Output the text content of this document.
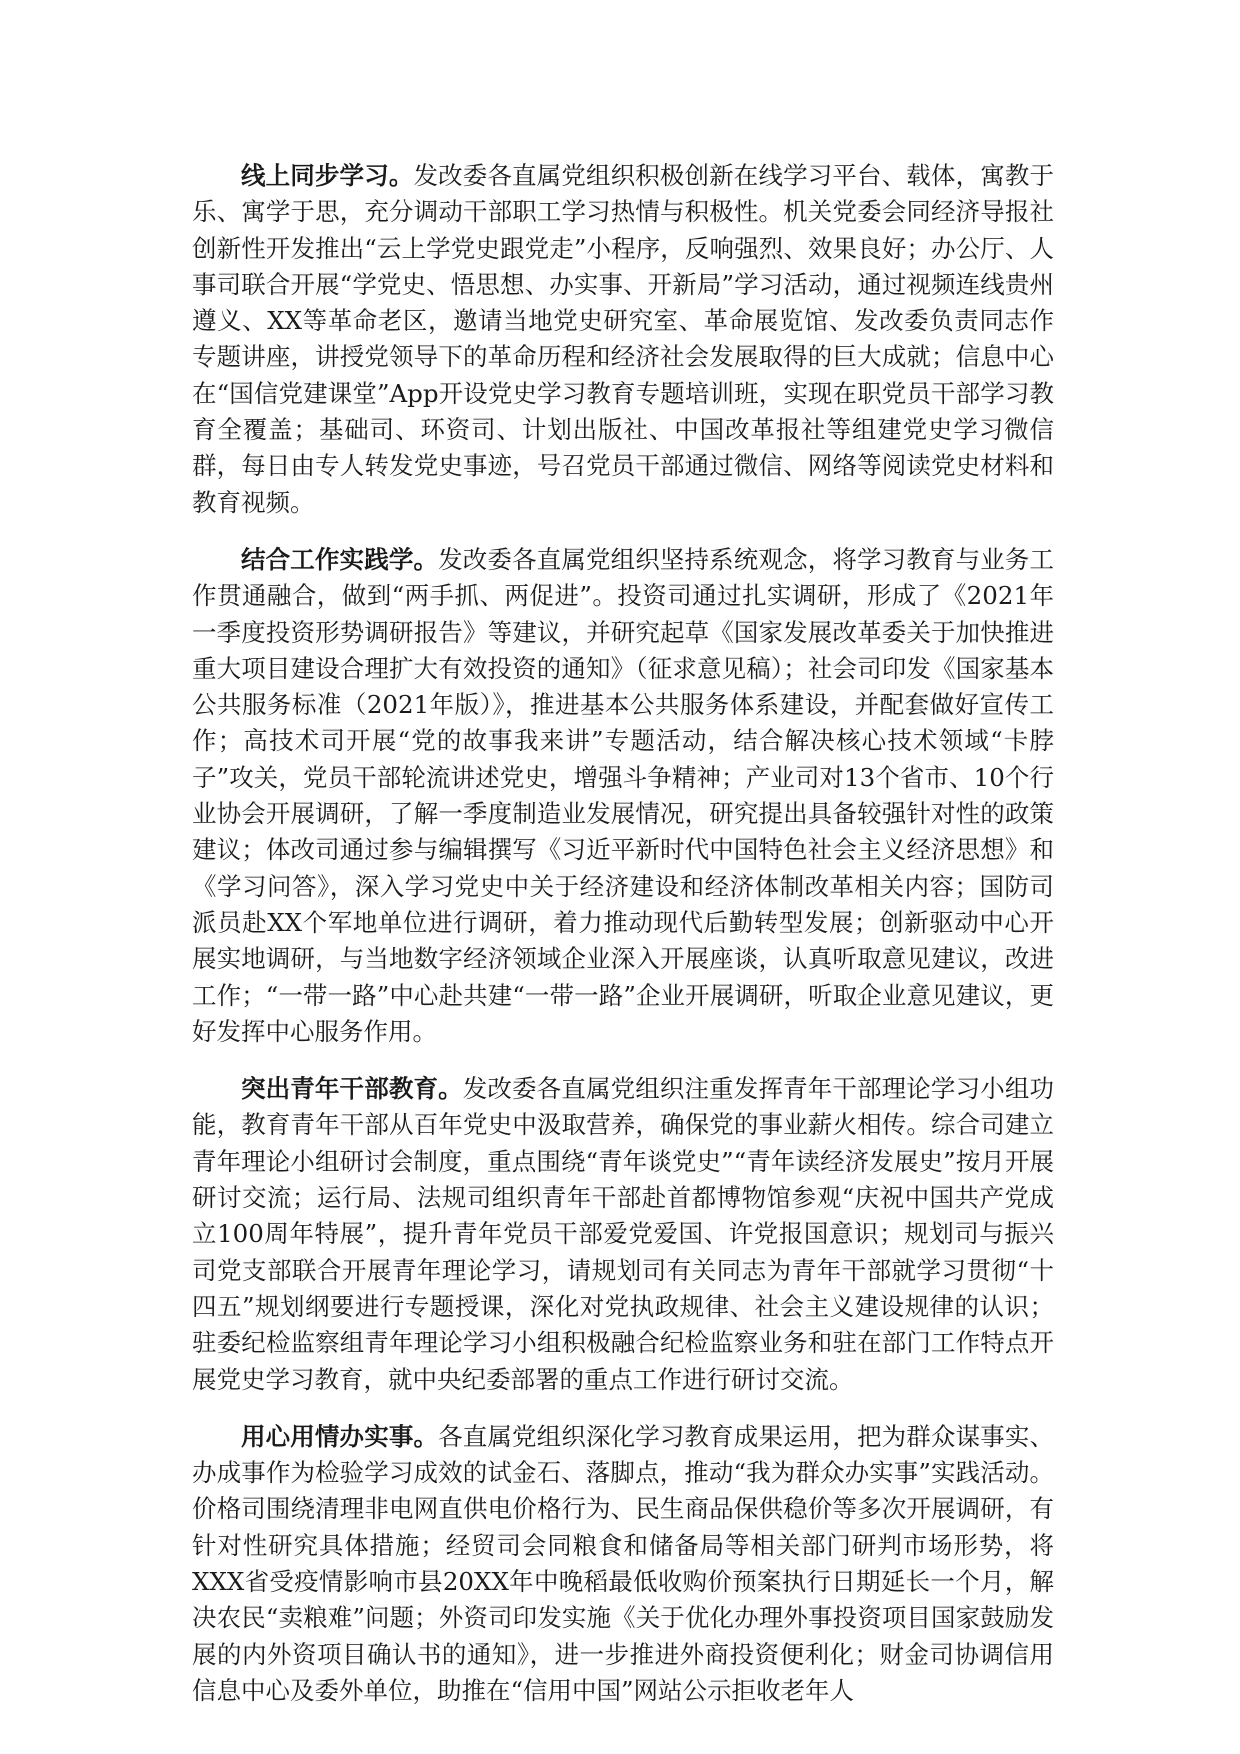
线上同步学习。发改委各直属党组织积极创新在线学习平台、载体，寓教于乐、寓学于思，充分调动干部职工学习热情与积极性。机关党委会同经济导报社创新性开发推出“云上学党史跟党走”小程序，反响强烈、效果良好；办公厅、人事司联合开展“学党史、悟思想、办实事、开新局”学习活动，通过视频连线贵州遵义、XX等革命老区，邀请当地党史研究室、革命展览馆、发改委负责同志作专题讲座，讲授党领导下的革命历程和经济社会发展取得的巨大成就；信息中心在“国信党建课堂”App开设党史学习教育专题培训班，实现在职党员干部学习教育全覆盖；基础司、环资司、计划出版社、中国改革报社等组建党史学习微信群，每日由专人转发党史事迹，号召党员干部通过微信、网络等阅读党史材料和教育视频。

结合工作实践学。发改委各直属党组织坚持系统观念，将学习教育与业务工作贯通融合，做到“两手抓、两促进”。投资司通过扎实调研，形成了《2021年一季度投资形势调研报告》等建议，并研究起草《国家发展改革委关于加快推进重大项目建设合理扩大有效投资的通知》（征求意见稿）；社会司印发《国家基本公共服务标准（2021年版）》，推进基本公共服务体系建设，并配套做好宣传工作；高技术司开展“党的故事我来讲”专题活动，结合解决核心技术领域“卡脖子”攻关，党员干部轮流讲述党史，增强斗争精神；产业司对13个省市、10个行业协会开展调研，了解一季度制造业发展情况，研究提出具备较强针对性的政策建议；体改司通过参与编辑撰写《习近平新时代中国特色社会主义经济思想》和《学习问答》，深入学习党史中关于经济建设和经济体制改革相关内容；国防司派员赴XX个军地单位进行调研，着力推动现代后勤转型发展；创新驱动中心开展实地调研，与当地数字经济领域企业深入开展座谈，认真听取意见建议，改进工作；“一带一路”中心赴共建“一带一路”企业开展调研，听取企业意见建议，更好发挥中心服务作用。

突出青年干部教育。发改委各直属党组织注重发挥青年干部理论学习小组功能，教育青年干部从百年党史中汲取营养，确保党的事业薪火相传。综合司建立青年理论小组研讨会制度，重点围绕“青年谈党史”“青年读经济发展史”按月开展研讨交流；运行局、法规司组织青年干部赴首都博物馆参观“庆祝中国共产党成立100周年特展”，提升青年党员干部爱党爱国、许党报国意识；规划司与振兴司党支部联合开展青年理论学习，请规划司有关同志为青年干部就学习贯彻“十四五”规划纲要进行专题授课，深化对党执政规律、社会主义建设规律的认识；驻委纪检监察组青年理论学习小组积极融合纪检监察业务和驻在部门工作特点开展党史学习教育，就中央纪委部署的重点工作进行研讨交流。

用心用情办实事。各直属党组织深化学习教育成果运用，把为群众谋事实、办成事作为检验学习成效的试金石、落脚点，推动“我为群众办实事”实践活动。价格司围绕清理非电网直供电价格行为、民生商品保供稳价等多次开展调研，有针对性研究具体措施；经贸司会同粮食和储备局等相关部门研判市场形势，将XXX省受疫情影响市县20XX年中晚稻最低收购价预案执行日期延长一个月，解决农民“卖粮难”问题；外资司印发实施《关于优化办理外事投资项目国家鼓励发展的内外资项目确认书的通知》，进一步推进外商投资便利化；财金司协调信用信息中心及委外单位，助推在“信用中国”网站公示拒收老年人
